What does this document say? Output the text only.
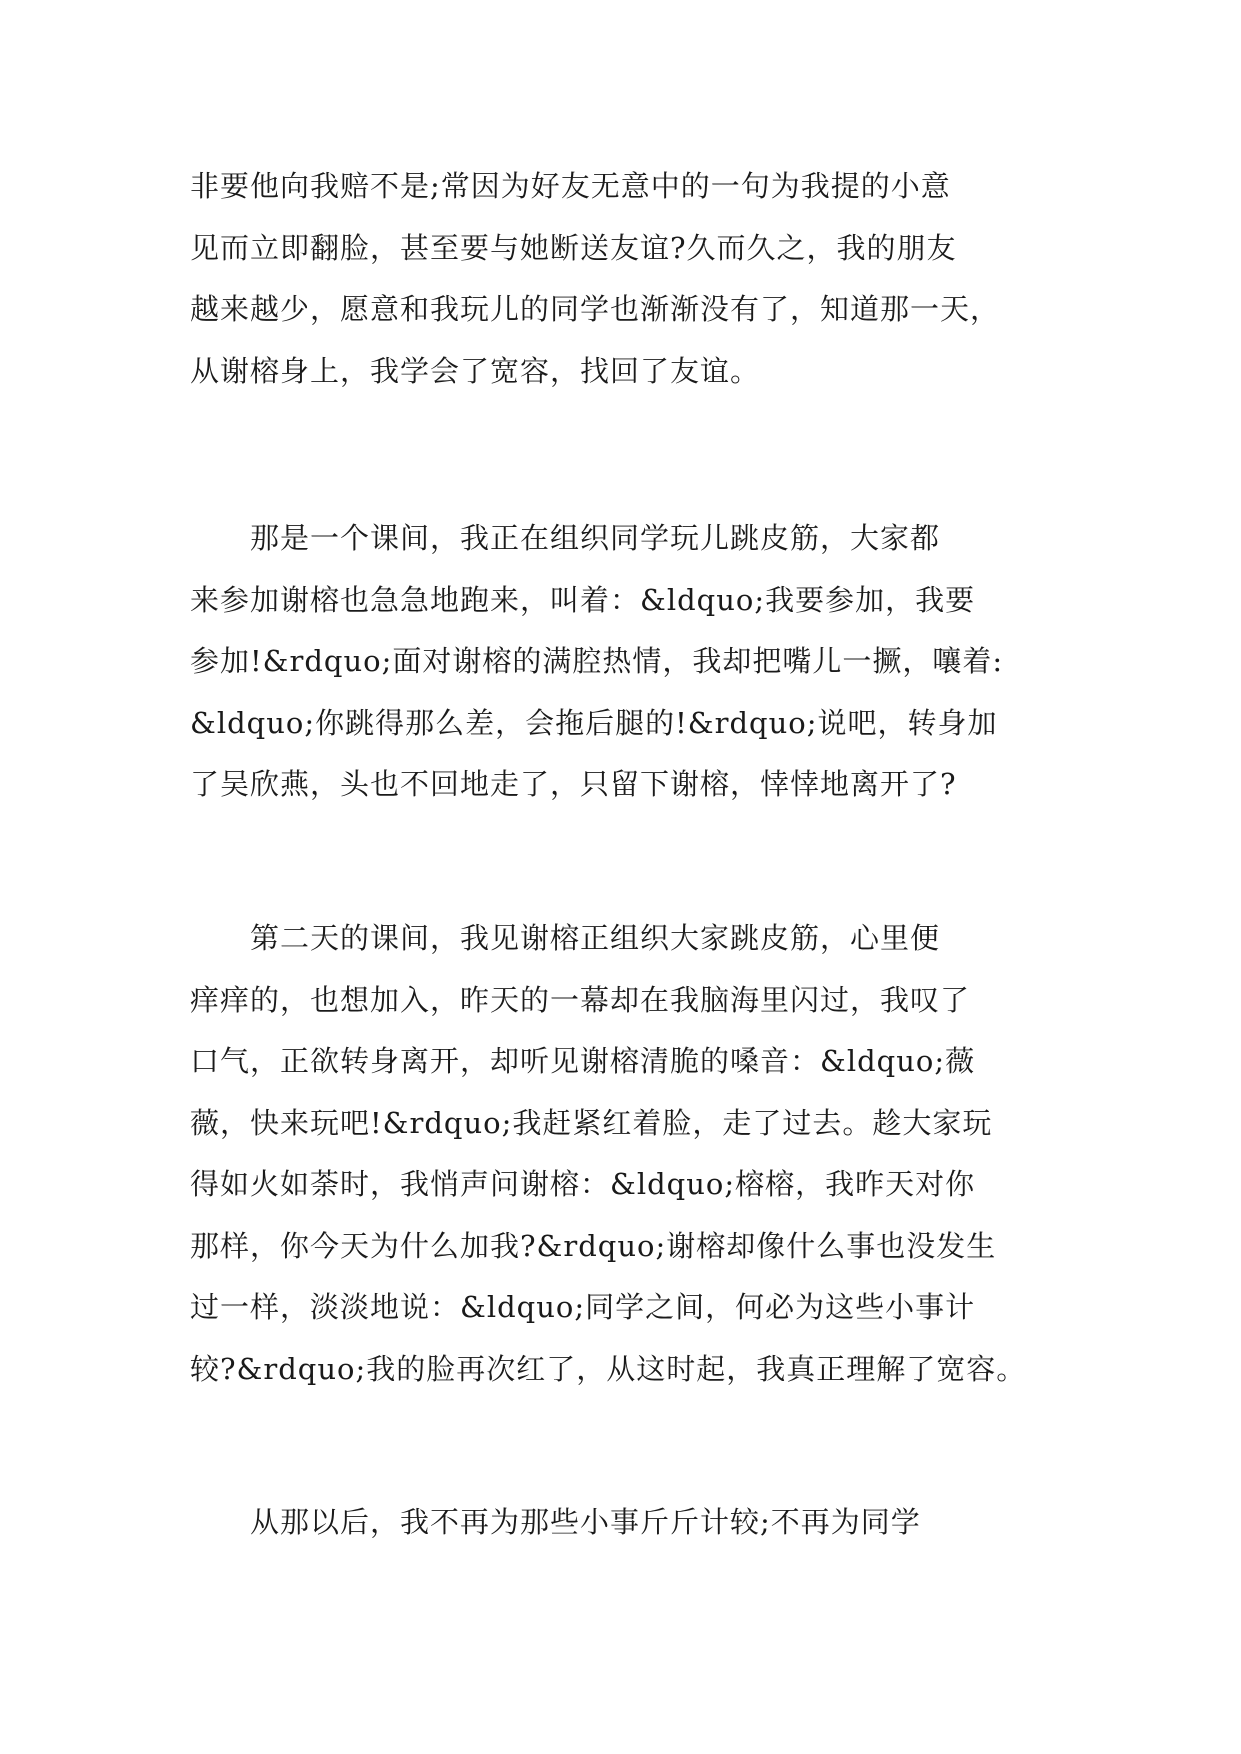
非要他向我赔不是;常因为好友无意中的一句为我提的小意
见而立即翻脸，甚至要与她断送友谊?久而久之，我的朋友
越来越少，愿意和我玩儿的同学也渐渐没有了，知道那一天，
从谢榕身上，我学会了宽容，找回了友谊。
　　那是一个课间，我正在组织同学玩儿跳皮筋，大家都
来参加谢榕也急急地跑来，叫着：&ldquo;我要参加，我要
参加!&rdquo;面对谢榕的满腔热情，我却把嘴儿一撅，嚷着:
&ldquo;你跳得那么差，会拖后腿的!&rdquo;说吧，转身加
了吴欣燕，头也不回地走了，只留下谢榕，悻悻地离开了?
　　第二天的课间，我见谢榕正组织大家跳皮筋，心里便
痒痒的，也想加入，昨天的一幕却在我脑海里闪过，我叹了
口气，正欲转身离开，却听见谢榕清脆的嗓音：&ldquo;薇
薇，快来玩吧!&rdquo;我赶紧红着脸，走了过去。趁大家玩
得如火如荼时，我悄声问谢榕：&ldquo;榕榕，我昨天对你
那样，你今天为什么加我?&rdquo;谢榕却像什么事也没发生
过一样，淡淡地说：&ldquo;同学之间，何必为这些小事计
较?&rdquo;我的脸再次红了，从这时起，我真正理解了宽容。
　　从那以后，我不再为那些小事斤斤计较;不再为同学
